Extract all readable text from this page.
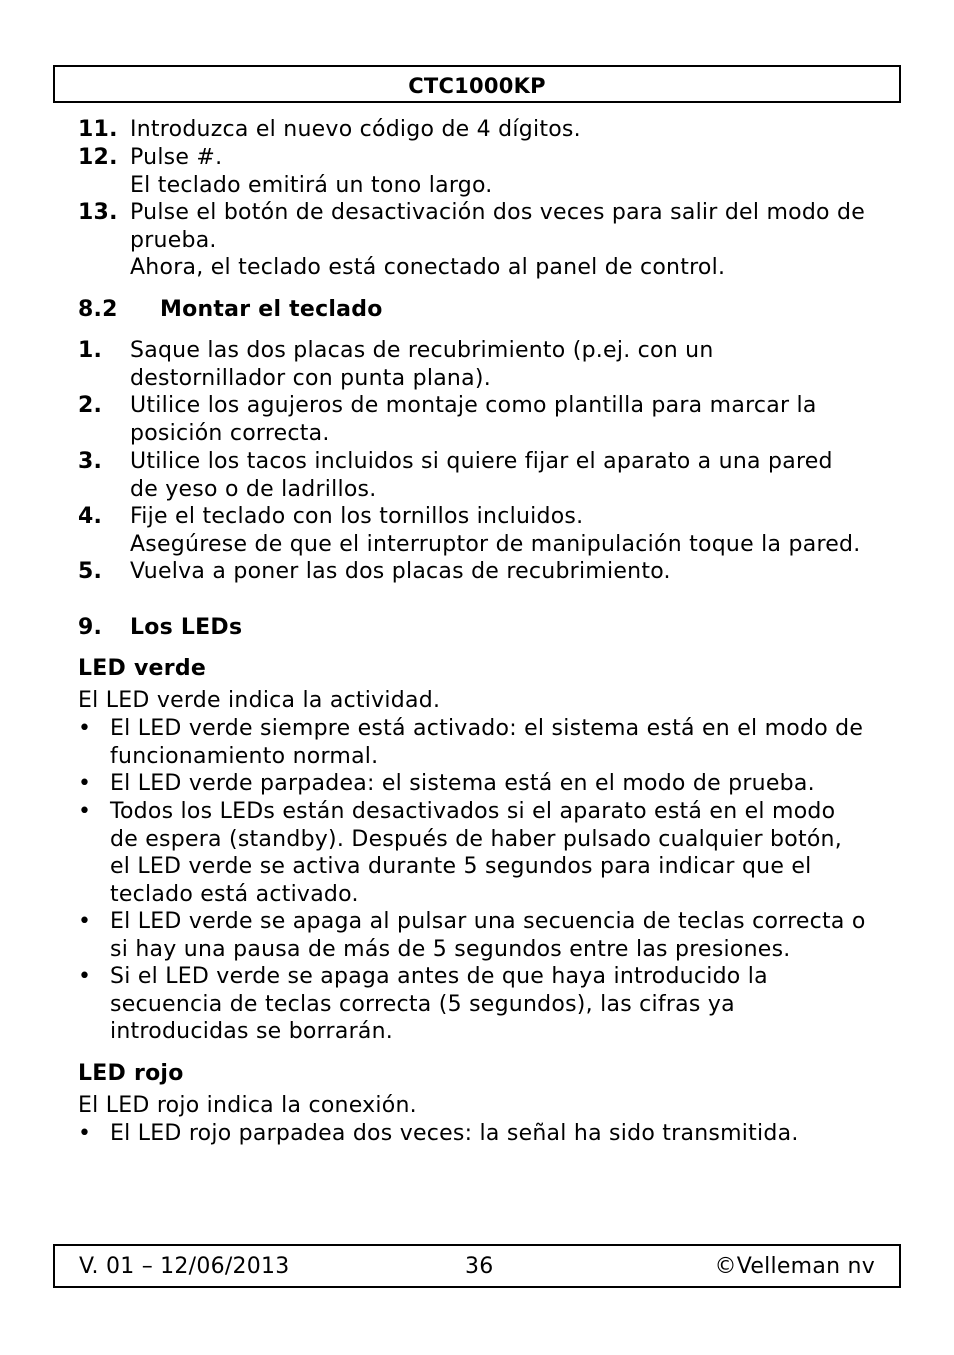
CTC1000KP
11. Introduzca el nuevo código de 4 dígitos.
12. Pulse #.
El teclado emitirá un tono largo.
13. Pulse el botón de desactivación dos veces para salir del modo de
prueba.
Ahora, el teclado está conectado al panel de control.
8.2 Montar el teclado
1. Saque las dos placas de recubrimiento (p.ej. con un
destornillador con punta plana).
2. Utilice los agujeros de montaje como plantilla para marcar la
posición correcta.
3. Utilice los tacos incluidos si quiere fijar el aparato a una pared
de yeso o de ladrillos.
4. Fije el teclado con los tornillos incluidos.
Asegúrese de que el interruptor de manipulación toque la pared.
5. Vuelva a poner las dos placas de recubrimiento.
9. Los LEDs
LED verde
El LED verde indica la actividad.
• El LED verde siempre está activado: el sistema está en el modo de
funcionamiento normal.
• El LED verde parpadea: el sistema está en el modo de prueba.
• Todos los LEDs están desactivados si el aparato está en el modo
de espera (standby). Después de haber pulsado cualquier botón,
el LED verde se activa durante 5 segundos para indicar que el
teclado está activado.
• El LED verde se apaga al pulsar una secuencia de teclas correcta o
si hay una pausa de más de 5 segundos entre las presiones.
• Si el LED verde se apaga antes de que haya introducido la
secuencia de teclas correcta (5 segundos), las cifras ya
introducidas se borrarán.
LED rojo
El LED rojo indica la conexión.
• El LED rojo parpadea dos veces: la señal ha sido transmitida.
V. 01 – 12/06/2013	36	©Velleman nv
